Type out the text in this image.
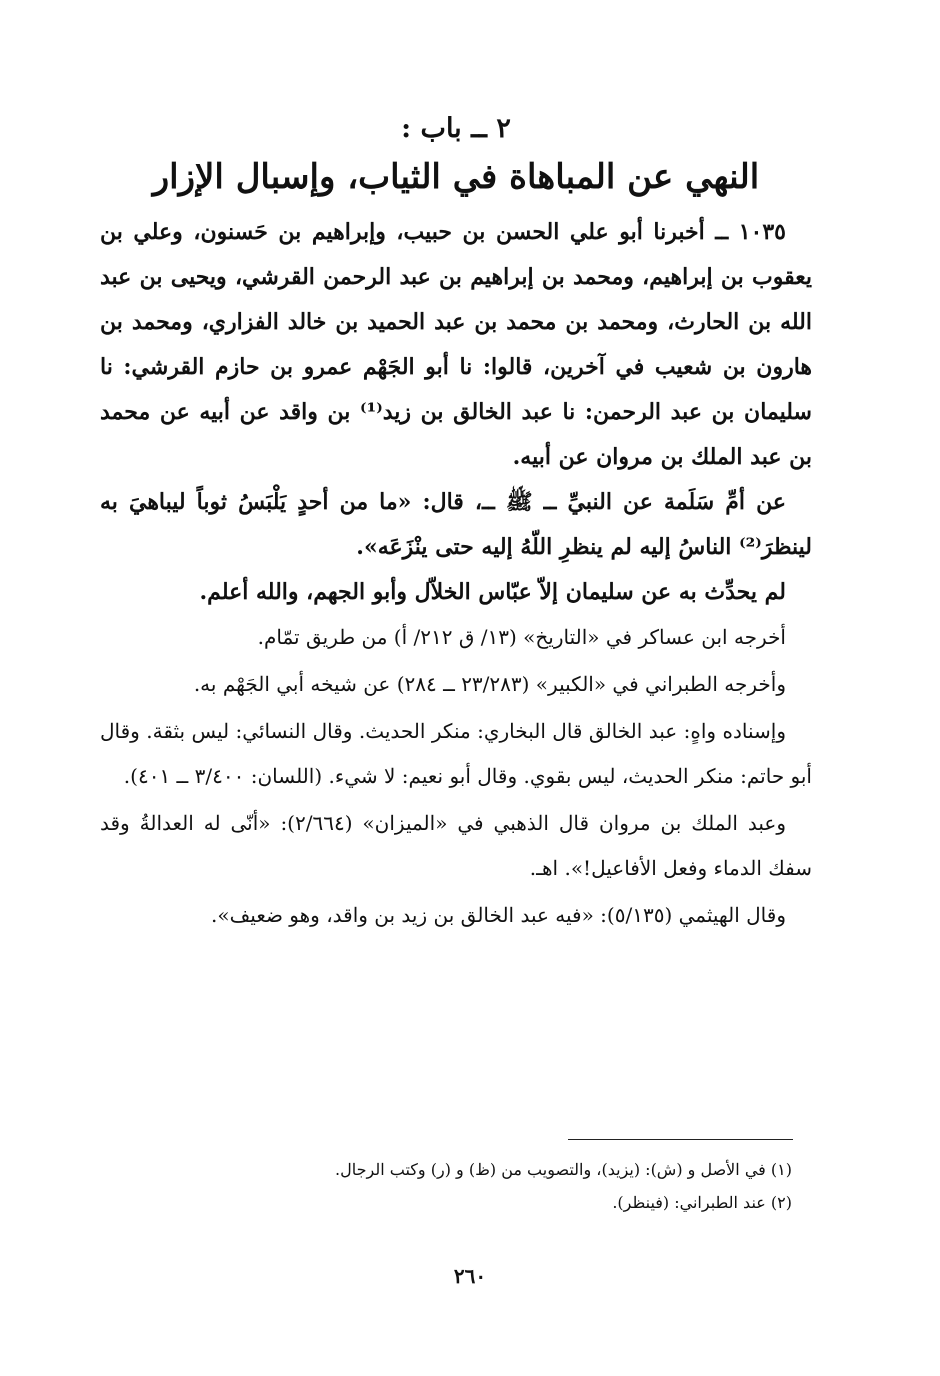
٢ ــ باب :

النهي عن المباهاة في الثياب، وإسبال الإزار

١٠٣٥ ــ أخبرنا أبو علي الحسن بن حبيب، وإبراهيم بن حَسنون، وعلي بن يعقوب بن إبراهيم، ومحمد بن إبراهيم بن عبد الرحمن القرشي، ويحيى بن عبد الله بن الحارث، ومحمد بن محمد بن عبد الحميد بن خالد الفزاري، ومحمد بن هارون بن شعيب في آخرين، قالوا: نا أبو الجَهْم عمرو بن حازم القرشي: نا سليمان بن عبد الرحمن: نا عبد الخالق بن زيد⁽¹⁾ بن واقد عن أبيه عن محمد بن عبد الملك بن مروان عن أبيه.

عن أمِّ سَلَمة عن النبيِّ ــ ﷺ ــ، قال: «ما من أحدٍ يَلْبَسُ ثوباً ليباهيَ به لينظرَ⁽²⁾ الناسُ إليه لم ينظرِ اللّهُ إليه حتى ينْزَعَه».

لم يحدِّث به عن سليمان إلاّ عبّاس الخلاّل وأبو الجهم، والله أعلم.

أخرجه ابن عساكر في «التاريخ» (١٣/ ق ٢١٢/ أ) من طريق تمّام.

وأخرجه الطبراني في «الكبير» (٢٣/٢٨٣ ــ ٢٨٤) عن شيخه أبي الجَهْم به.

وإسناده واهٍ: عبد الخالق قال البخاري: منكر الحديث. وقال النسائي: ليس بثقة. وقال أبو حاتم: منكر الحديث، ليس بقوي. وقال أبو نعيم: لا شيء. (اللسان: ٣/٤٠٠ ــ ٤٠١).

وعبد الملك بن مروان قال الذهبي في «الميزان» (٢/٦٦٤): «أنّى له العدالةُ وقد سفك الدماء وفعل الأفاعيل!». اهـ.

وقال الهيثمي (٥/١٣٥): «فيه عبد الخالق بن زيد بن واقد، وهو ضعيف».

(١) في الأصل و (ش): (يزيد)، والتصويب من (ظ) و (ر) وكتب الرجال.

(٢) عند الطبراني: (فينظر).

٢٦٠
